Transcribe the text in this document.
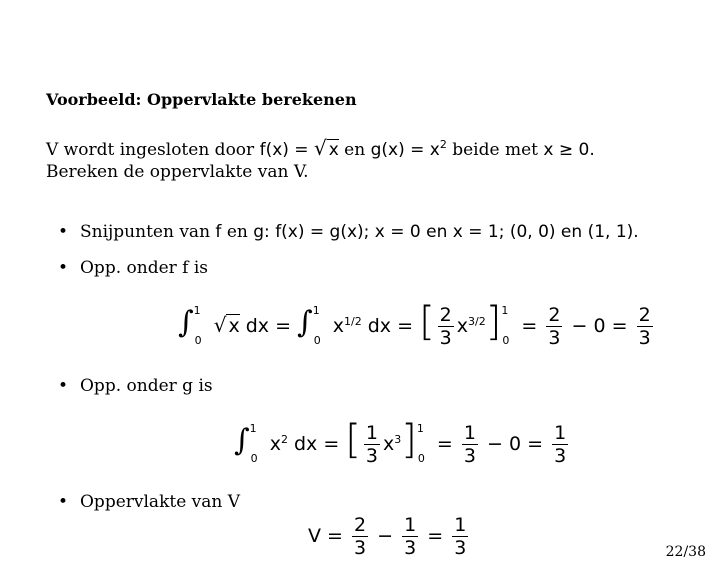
Voorbeeld: Oppervlakte berekenen
V wordt ingesloten door f(x) = √ x en $g(x) = x^2$ beide met x ≥ 0.
Bereken de oppervlakte van V.
• Snijpunten van f en g: f(x) = g(x); x = 0 en x = 1; (0, 0) en (1, 1).
• Opp. onder f is
∫$^1_0$ √ x dx = ∫$^1_0$ $x^{1/2}$ dx = [ $\frac{2}{3} x^{3/2}]^1_0 = \frac{2}{3} - 0 = \frac{2}{3}$
• Opp. onder g is
∫$^1_0$ $x^2$ dx = [ $\frac{1}{3} x^3]^1_0 = \frac{1}{3} - 0 = \frac{1}{3}$
• Oppervlakte van V
$V = \frac{2}{3} - \frac{1}{3} = \frac{1}{3}$	22/38
